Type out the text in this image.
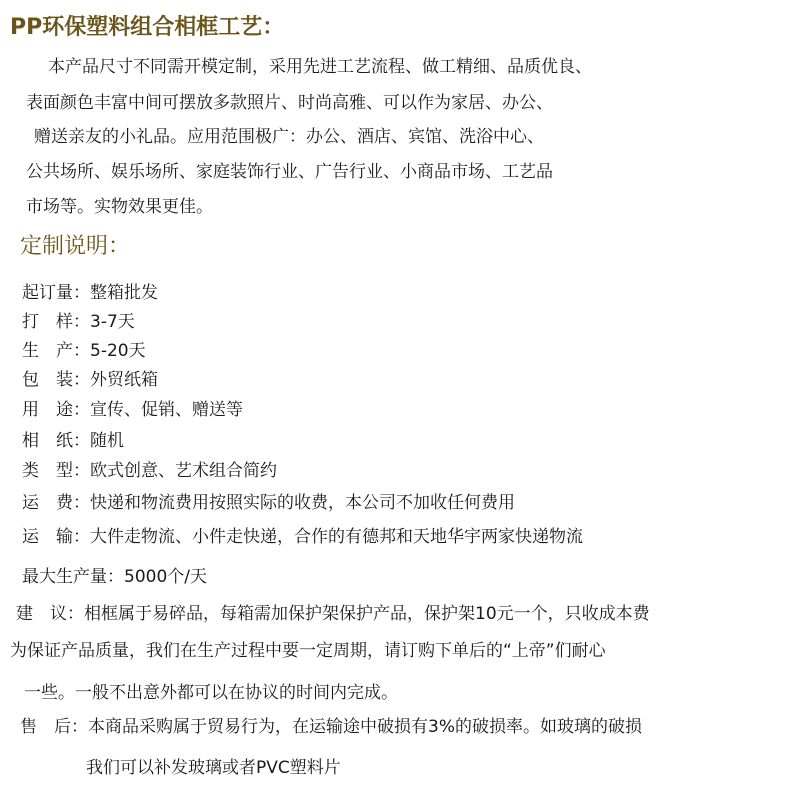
PP环保塑料组合相框工艺：
本产品尺寸不同需开模定制，采用先进工艺流程、做工精细、品质优良、
表面颜色丰富中间可摆放多款照片、时尚高雅、可以作为家居、办公、
赠送亲友的小礼品。应用范围极广：办公、酒店、宾馆、洗浴中心、
公共场所、娱乐场所、家庭装饰行业、广告行业、小商品市场、工艺品
市场等。实物效果更佳。
定制说明：
起订量：整箱批发
打　样：3-7天
生　产：5-20天
包　装：外贸纸箱
用　途：宣传、促销、赠送等
相　纸：随机
类　型：欧式创意、艺术组合简约
运　费：快递和物流费用按照实际的收费，本公司不加收任何费用
运　输：大件走物流、小件走快递，合作的有德邦和天地华宇两家快递物流
最大生产量：5000个/天
建　议：相框属于易碎品，每箱需加保护架保护产品，保护架10元一个，只收成本费
为保证产品质量，我们在生产过程中要一定周期，请订购下单后的“上帝”们耐心
一些。一般不出意外都可以在协议的时间内完成。
售　后：本商品采购属于贸易行为，在运输途中破损有3%的破损率。如玻璃的破损
我们可以补发玻璃或者PVC塑料片
